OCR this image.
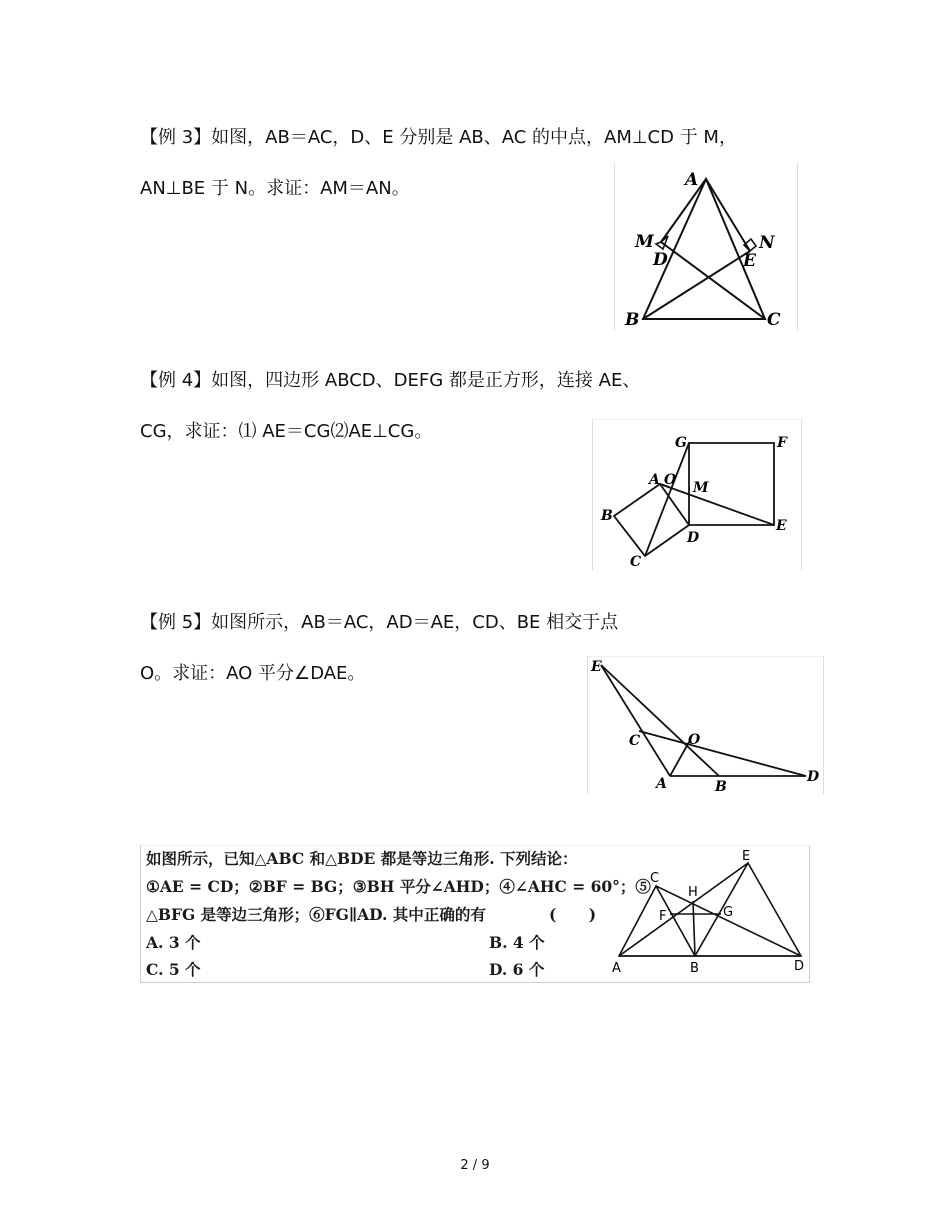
【例 3】如图，AB＝AC，D、E 分别是 AB、AC 的中点，AM⊥CD 于 M，
AN⊥BE 于 N。求证：AM＝AN。	A
M	N
D	E
B	C
【例 4】如图，四边形 ABCD、DEFG 都是正方形，连接 AE、
CG，求证：⑴ AE＝CG⑵AE⊥CG。
G	F
A O M
B
D
E
C
【例 5】如图所示，AB＝AC，AD＝AE，CD、BE 相交于点
O。求证：AO 平分∠DAE。	E
C	O
A	B
D
如图所示，已知△ABC 和△BDE 都是等边三角形. 下列结论：
①AE = CD；②BF = BG；③BH 平分∠AHD；④∠AHC = 60°；⑤
△BFG 是等边三角形；⑥FG∥AD. 其中正确的有	(      )
A. 3 个	B. 4 个
C. 5 个	D. 6 个
C
E
H
F	G
A	B	D
2 / 9
